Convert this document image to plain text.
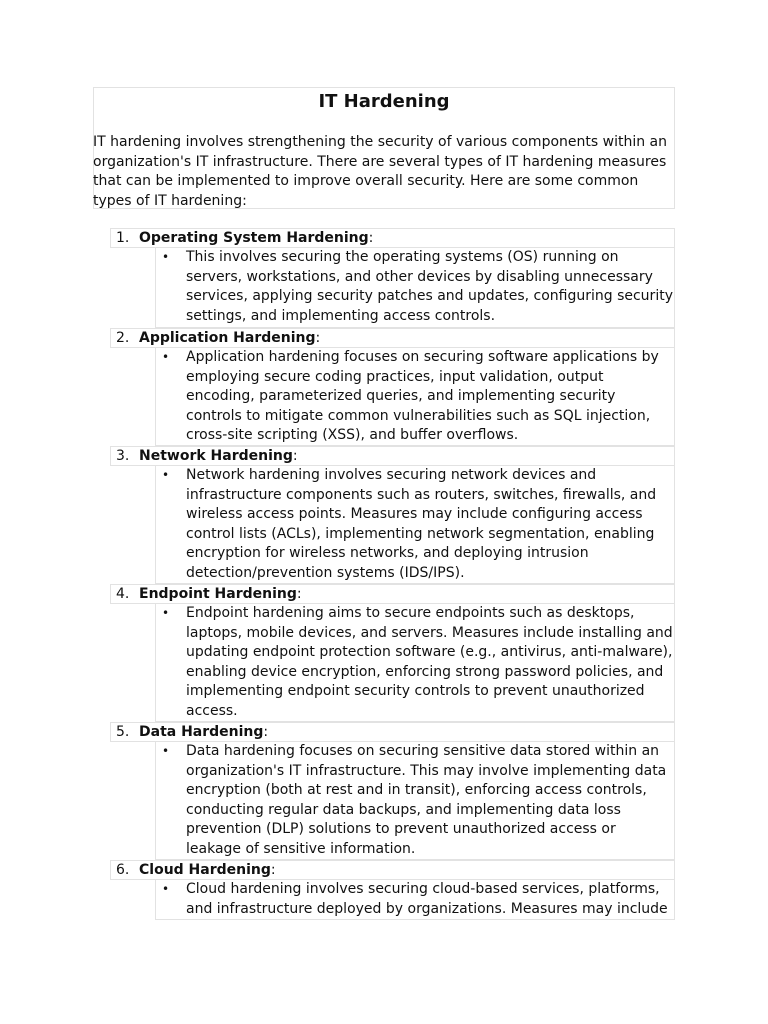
IT Hardening

IT hardening involves strengthening the security of various components within an organization's IT infrastructure. There are several types of IT hardening measures that can be implemented to improve overall security. Here are some common types of IT hardening:

1. Operating System Hardening:
• This involves securing the operating systems (OS) running on servers, workstations, and other devices by disabling unnecessary services, applying security patches and updates, configuring security settings, and implementing access controls.

2. Application Hardening:
• Application hardening focuses on securing software applications by employing secure coding practices, input validation, output encoding, parameterized queries, and implementing security controls to mitigate common vulnerabilities such as SQL injection, cross-site scripting (XSS), and buffer overflows.

3. Network Hardening:
• Network hardening involves securing network devices and infrastructure components such as routers, switches, firewalls, and wireless access points. Measures may include configuring access control lists (ACLs), implementing network segmentation, enabling encryption for wireless networks, and deploying intrusion detection/prevention systems (IDS/IPS).

4. Endpoint Hardening:
• Endpoint hardening aims to secure endpoints such as desktops, laptops, mobile devices, and servers. Measures include installing and updating endpoint protection software (e.g., antivirus, anti-malware), enabling device encryption, enforcing strong password policies, and implementing endpoint security controls to prevent unauthorized access.

5. Data Hardening:
• Data hardening focuses on securing sensitive data stored within an organization's IT infrastructure. This may involve implementing data encryption (both at rest and in transit), enforcing access controls, conducting regular data backups, and implementing data loss prevention (DLP) solutions to prevent unauthorized access or leakage of sensitive information.

6. Cloud Hardening:
• Cloud hardening involves securing cloud-based services, platforms, and infrastructure deployed by organizations. Measures may include
